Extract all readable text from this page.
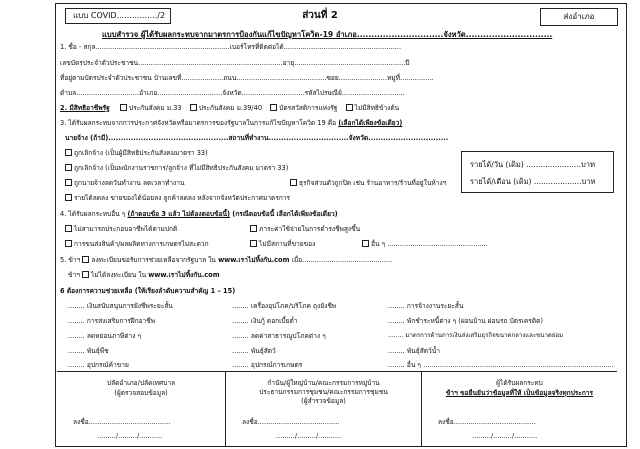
แบบ COVID................/2	ส่วนที่ 2	ส่งอำเภอ
แบบสำรวจ ผู้ได้รับผลกระทบจากมาตรการป้องกันแก้ไขปัญหาโควิด-19 อำเภอ..............................จังหวัด..............................
1. ชื่อ - สกุล................................................................เบอร์โทรที่ติดต่อได้........................................................
เลขบัตรประจำตัวประชาชน.....................................................................อายุ.....................................................ปี
ที่อยู่ตามบัตรประจำตัวประชาชน บ้านเลขที่....................ถนน...........................................ซอย.......................หมู่ที่................
ตำบล..............................อำเภอ...............................จังหวัด..............................รหัสไปรษณีย์..............................
2. มีสิทธิอาชีพรัฐ	ประกันสังคม ม.33	ประกันสังคม ม.39/40	บัตรสวัสดิการแห่งรัฐ	ไม่มีสิทธิข้างต้น
3. ได้รับผลกระทบจากการประกาศจังหวัดหรือมาตรการของรัฐบาลในการแก้ไขปัญหาโควิด 19 คือ (เลือกได้เพียงข้อเดียว)
นายจ้าง (ถ้ามี)................................................สถานที่ทำงาน................................จังหวัด................................
ถูกเลิกจ้าง (เป็นผู้มีสิทธิประกันสังคมมาตรา 33)
ถูกเลิกจ้าง (เป็นพนักงานราชการ/ลูกจ้าง ที่ไม่มีสิทธิประกันสังคม มาตรา 33)
ถูกนายจ้างลดวันทำงาน ลดเวลาทำงาน	ธุรกิจส่วนตัวถูกปิด เช่น ร้านอาหาร/ร้านที่อยู่ในห้างฯ
รายได้ลดลง ขายของได้น้อยลง ลูกค้าลดลง หลังจากจังหวัดประกาศมาตรการ
รายได้/วัน (เดิม) .......................บาท
รายได้/เดือน (เดิม) ....................บาท
4. ได้รับผลกระทบอื่น ๆ (ถ้าตอบข้อ 3 แล้ว ไม่ต้องตอบข้อนี้) (กรณีตอบข้อนี้ เลือกได้เพียงข้อเดียว)
ไม่สามารถประกอบอาชีพได้ตามปกติ	ภาระค่าใช้จ่ายในการดำรงชีพสูงขึ้น
การขนส่งสินค้า/ผลผลิตทางการเกษตรไม่สะดวก	ไม่มีสถานที่ขายของ	อื่น ๆ ................................................
5. ข้าฯ ลงทะเบียนขอรับการช่วยเหลือจากรัฐบาล ใน www.เราไม่ทิ้งกัน.com เมื่อ...........................................
ข้าฯ ไม่ได้ลงทะเบียน ใน www.เราไม่ทิ้งกัน.com
6 ต้องการความช่วยเหลือ (ให้เรียงลำดับความสำคัญ 1 – 15)
........ เงินสนับสนุนการยังชีพระยะสั้น	........ เครื่องอุปโภค/บริโภค ถุงยังชีพ	........ การจ้างงานระยะสั้น
........ การส่งเสริมการฝึกอาชีพ	........ เงินกู้ ดอกเบี้ยต่ำ	........ พักชำระหนี้ต่าง ๆ (ผ่อนบ้าน ผ่อนรถ บัตรเครดิต)
........ ลดหย่อนภาษีต่าง ๆ	........ ลดค่าสาธารณูปโภคต่าง ๆ	........ มาตรการด้านการเงินส่งเสริมธุรกิจขนาดกลางและขนาดย่อม
........ พันธุ์พืช	........ พันธุ์สัตว์	........ พันธุ์สัตว์น้ำ
........ อุปกรณ์ค้าขาย	........ อุปกรณ์การเกษตร	........ อื่น ๆ ...........................................................................................
ปลัดอำเภอ/ปลัดเทศบาล
(ผู้ตรวจสอบข้อมูล)
ลงชื่อ.......................................
........./........./...........
กำนัน/ผู้ใหญ่บ้าน/คณะกรรมการหมู่บ้าน
ประธานกรรมการชุมชน/คณะกรรมการชุมชน
(ผู้สำรวจข้อมูล)
ลงชื่อ.......................................
........./........./...........
ผู้ได้รับผลกระทบ
ข้าฯ ขอยืนยันว่าข้อมูลที่ให้ เป็นข้อมูลจริงทุกประการ
ลงชื่อ.......................................
........./........./...........
